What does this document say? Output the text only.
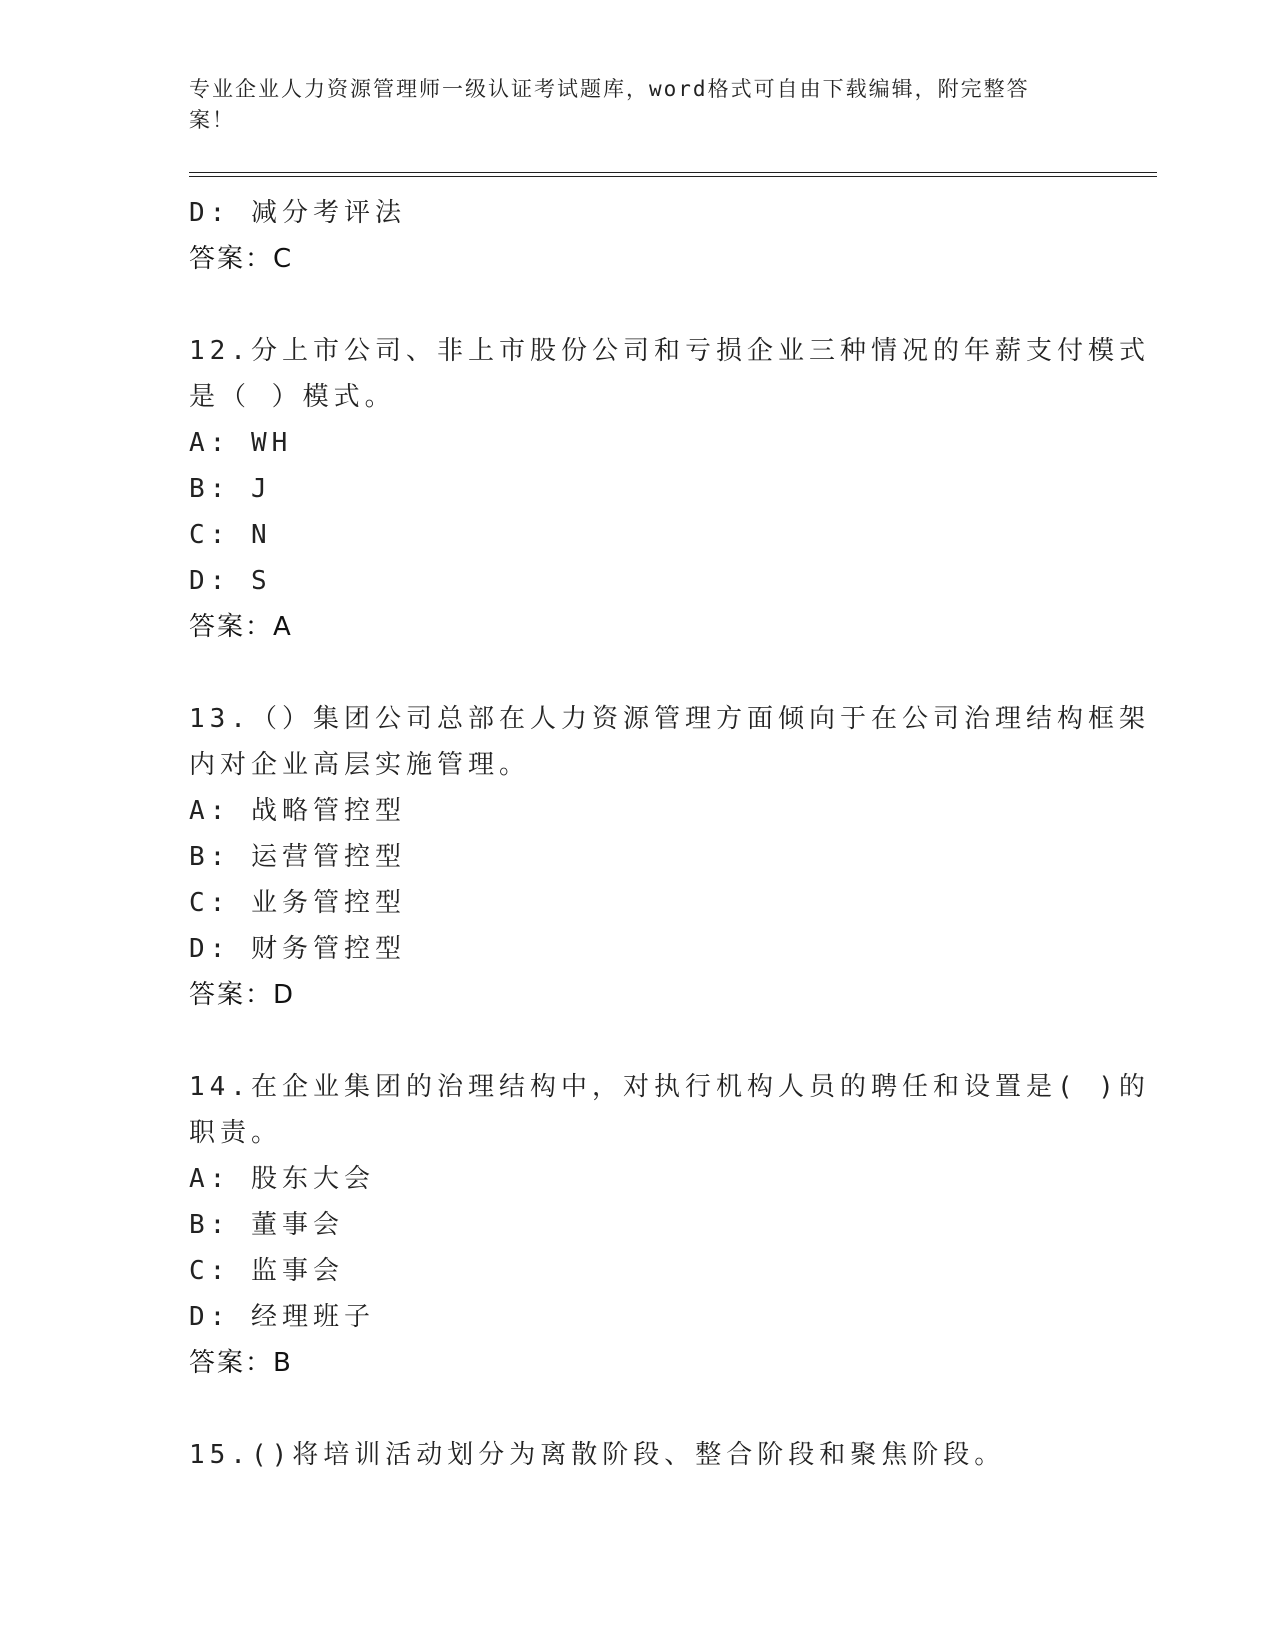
专业企业人力资源管理师一级认证考试题库，word格式可自由下载编辑，附完整答案！
D: 减分考评法
答案：C
12.分上市公司、非上市股份公司和亏损企业三种情况的年薪支付模式
是（ ）模式。
A: WH
B: J
C: N
D: S
答案：A
13.（）集团公司总部在人力资源管理方面倾向于在公司治理结构框架
内对企业高层实施管理。
A: 战略管控型
B: 运营管控型
C: 业务管控型
D: 财务管控型
答案：D
14.在企业集团的治理结构中，对执行机构人员的聘任和设置是( )的
职责。
A: 股东大会
B: 董事会
C: 监事会
D: 经理班子
答案：B
15.()将培训活动划分为离散阶段、整合阶段和聚焦阶段。
